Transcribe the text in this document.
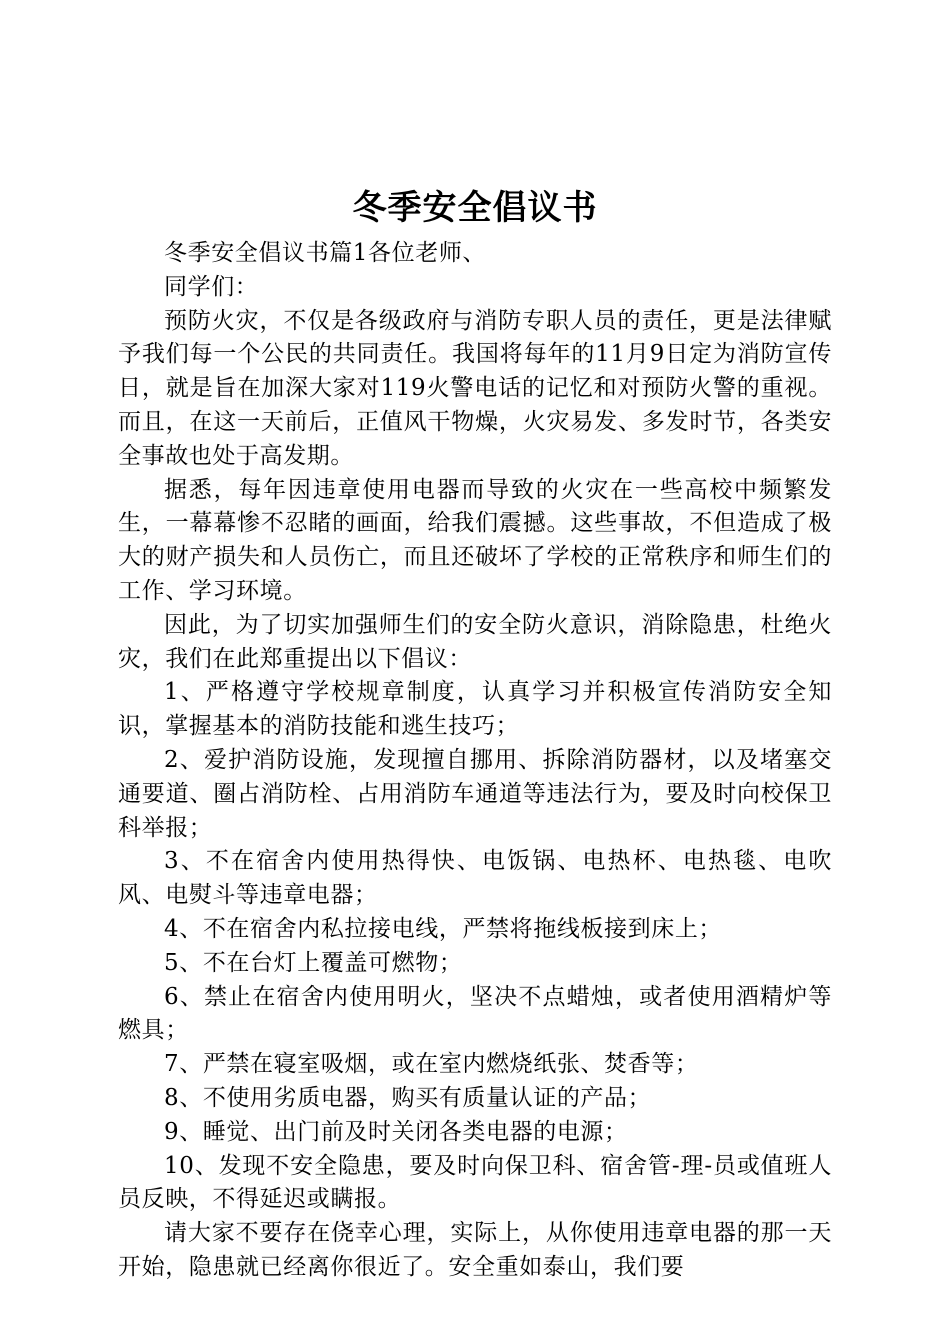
冬季安全倡议书

冬季安全倡议书篇1各位老师、

同学们：

预防火灾，不仅是各级政府与消防专职人员的责任，更是法律赋予我们每一个公民的共同责任。我国将每年的11月9日定为消防宣传日，就是旨在加深大家对119火警电话的记忆和对预防火警的重视。而且，在这一天前后，正值风干物燥，火灾易发、多发时节，各类安全事故也处于高发期。

据悉，每年因违章使用电器而导致的火灾在一些高校中频繁发生，一幕幕惨不忍睹的画面，给我们震撼。这些事故，不但造成了极大的财产损失和人员伤亡，而且还破坏了学校的正常秩序和师生们的工作、学习环境。

因此，为了切实加强师生们的安全防火意识，消除隐患，杜绝火灾，我们在此郑重提出以下倡议：

1、严格遵守学校规章制度，认真学习并积极宣传消防安全知识，掌握基本的消防技能和逃生技巧；

2、爱护消防设施，发现擅自挪用、拆除消防器材，以及堵塞交通要道、圈占消防栓、占用消防车通道等违法行为，要及时向校保卫科举报；

3、不在宿舍内使用热得快、电饭锅、电热杯、电热毯、电吹风、电熨斗等违章电器；

4、不在宿舍内私拉接电线，严禁将拖线板接到床上；

5、不在台灯上覆盖可燃物；

6、禁止在宿舍内使用明火，坚决不点蜡烛，或者使用酒精炉等燃具；

7、严禁在寝室吸烟，或在室内燃烧纸张、焚香等；

8、不使用劣质电器，购买有质量认证的产品；

9、睡觉、出门前及时关闭各类电器的电源；

10、发现不安全隐患，要及时向保卫科、宿舍管-理-员或值班人员反映，不得延迟或瞒报。

请大家不要存在侥幸心理，实际上，从你使用违章电器的那一天开始，隐患就已经离你很近了。安全重如泰山，我们要
